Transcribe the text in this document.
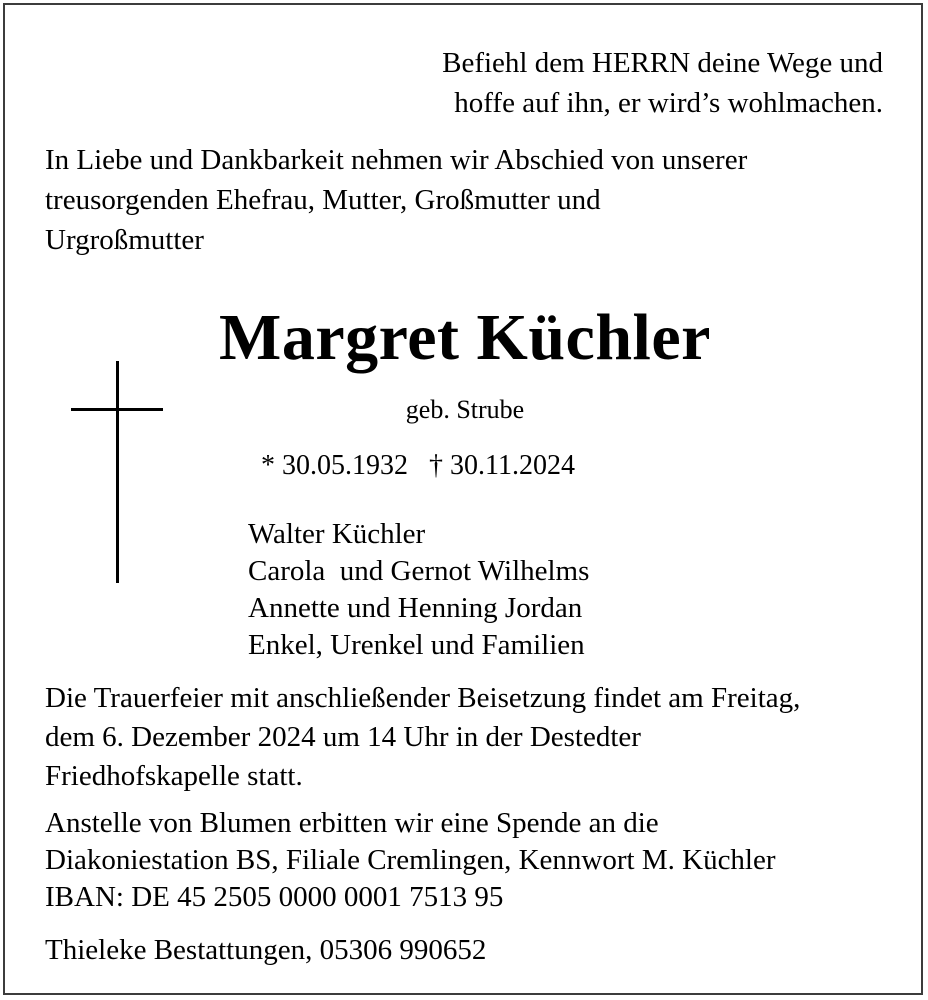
Befiehl dem HERRN deine Wege und
hoffe auf ihn, er wird’s wohlmachen.
In Liebe und Dankbarkeit nehmen wir Abschied von unserer
treusorgenden Ehefrau, Mutter, Großmutter und
Urgroßmutter
Margret Küchler
geb. Strube
* 30.05.1932   † 30.11.2024
Walter Küchler
Carola  und Gernot Wilhelms
Annette und Henning Jordan
Enkel, Urenkel und Familien
Die Trauerfeier mit anschließender Beisetzung findet am Freitag,
dem 6. Dezember 2024 um 14 Uhr in der Destedter
Friedhofskapelle statt.
Anstelle von Blumen erbitten wir eine Spende an die
Diakoniestation BS, Filiale Cremlingen, Kennwort M. Küchler
IBAN: DE 45 2505 0000 0001 7513 95
Thieleke Bestattungen, 05306 990652
